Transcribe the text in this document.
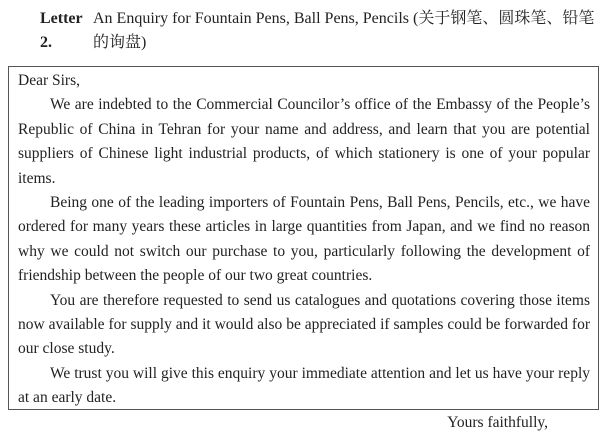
Letter 2.
An Enquiry for Fountain Pens, Ball Pens, Pencils (关于钢笔、圆珠笔、铅笔的询盘)

Dear Sirs,

We are indebted to the Commercial Councilor’s office of the Embassy of the People’s Republic of China in Tehran for your name and address, and learn that you are potential suppliers of Chinese light industrial products, of which stationery is one of your popular items.

Being one of the leading importers of Fountain Pens, Ball Pens, Pencils, etc., we have ordered for many years these articles in large quantities from Japan, and we find no reason why we could not switch our purchase to you, particularly following the development of friendship between the people of our two great countries.

You are therefore requested to send us catalogues and quotations covering those items now available for supply and it would also be appreciated if samples could be forwarded for our close study.

We trust you will give this enquiry your immediate attention and let us have your reply at an early date.

Yours faithfully,
